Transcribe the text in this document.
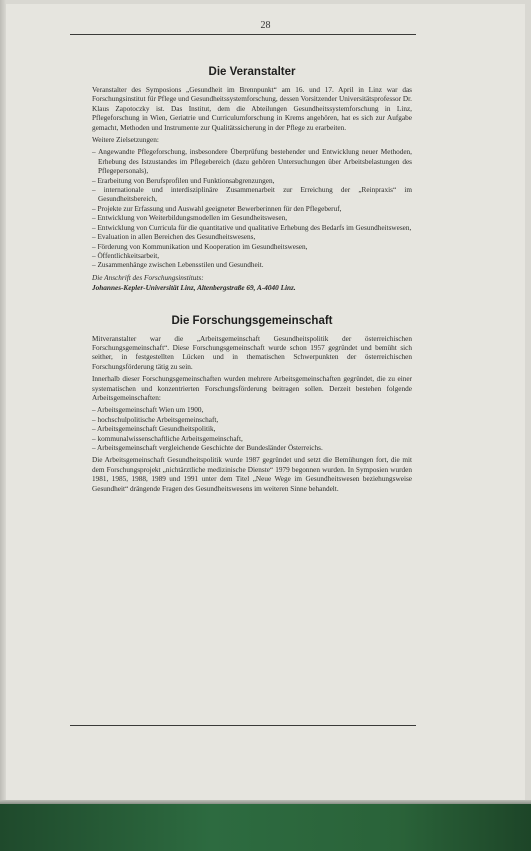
28
Die Veranstalter

Veranstalter des Symposions „Gesundheit im Brennpunkt“ am 16. und 17. April in Linz war das Forschungsinstitut für Pflege und Gesundheitssystemforschung, dessen Vorsitzender Universitätsprofessor Dr. Klaus Zapotoczky ist. Das Institut, dem die Abteilungen Gesundheitssystemforschung in Linz, Pflegeforschung in Wien, Geriatrie und Curriculumforschung in Krems angehören, hat es sich zur Aufgabe gemacht, Methoden und Instrumente zur Qualitätssicherung in der Pflege zu erarbeiten.

Weitere Zielsetzungen:

– Angewandte Pflegeforschung, insbesondere Überprüfung bestehender und Entwicklung neuer Methoden, Erhebung des Istzustandes im Pflegebereich (dazu gehören Untersuchungen über Arbeitsbelastungen des Pflegepersonals),
– Erarbeitung von Berufsprofilen und Funktionsabgrenzungen,
– internationale und interdisziplinäre Zusammenarbeit zur Erreichung der „Reinpraxis“ im Gesundheitsbereich,
– Projekte zur Erfassung und Auswahl geeigneter Bewerberinnen für den Pflegeberuf,
– Entwicklung von Weiterbildungsmodellen im Gesundheitswesen,
– Entwicklung von Curricula für die quantitative und qualitative Erhebung des Bedarfs im Gesundheitswesen,
– Evaluation in allen Bereichen des Gesundheitswesens,
– Förderung von Kommunikation und Kooperation im Gesundheitswesen,
– Öffentlichkeitsarbeit,
– Zusammenhänge zwischen Lebensstilen und Gesundheit.

Die Anschrift des Forschungsinstituts:

Johannes-Kepler-Universität Linz, Altenbergstraße 69, A-4040 Linz.

Die Forschungsgemeinschaft

Mitveranstalter war die „Arbeitsgemeinschaft Gesundheitspolitik der österreichischen Forschungsgemeinschaft“. Diese Forschungsgemeinschaft wurde schon 1957 gegründet und bemüht sich seither, in festgestellten Lücken und in thematischen Schwerpunkten der österreichischen Forschungsförderung tätig zu sein.

Innerhalb dieser Forschungsgemeinschaften wurden mehrere Arbeitsgemeinschaften gegründet, die zu einer systematischen und konzentrierten Forschungsförderung beitragen sollen. Derzeit bestehen folgende Arbeitsgemeinschaften:

– Arbeitsgemeinschaft Wien um 1900,
– hochschulpolitische Arbeitsgemeinschaft,
– Arbeitsgemeinschaft Gesundheitspolitik,
– kommunalwissenschaftliche Arbeitsgemeinschaft,
– Arbeitsgemeinschaft vergleichende Geschichte der Bundesländer Österreichs.

Die Arbeitsgemeinschaft Gesundheitspolitik wurde 1987 gegründet und setzt die Bemühungen fort, die mit dem Forschungsprojekt „nichtärztliche medizinische Dienste“ 1979 begonnen wurden. In Symposien wurden 1981, 1985, 1988, 1989 und 1991 unter dem Titel „Neue Wege im Gesundheitswesen beziehungsweise Gesundheit“ drängende Fragen des Gesundheitswesens im weiteren Sinne behandelt.
